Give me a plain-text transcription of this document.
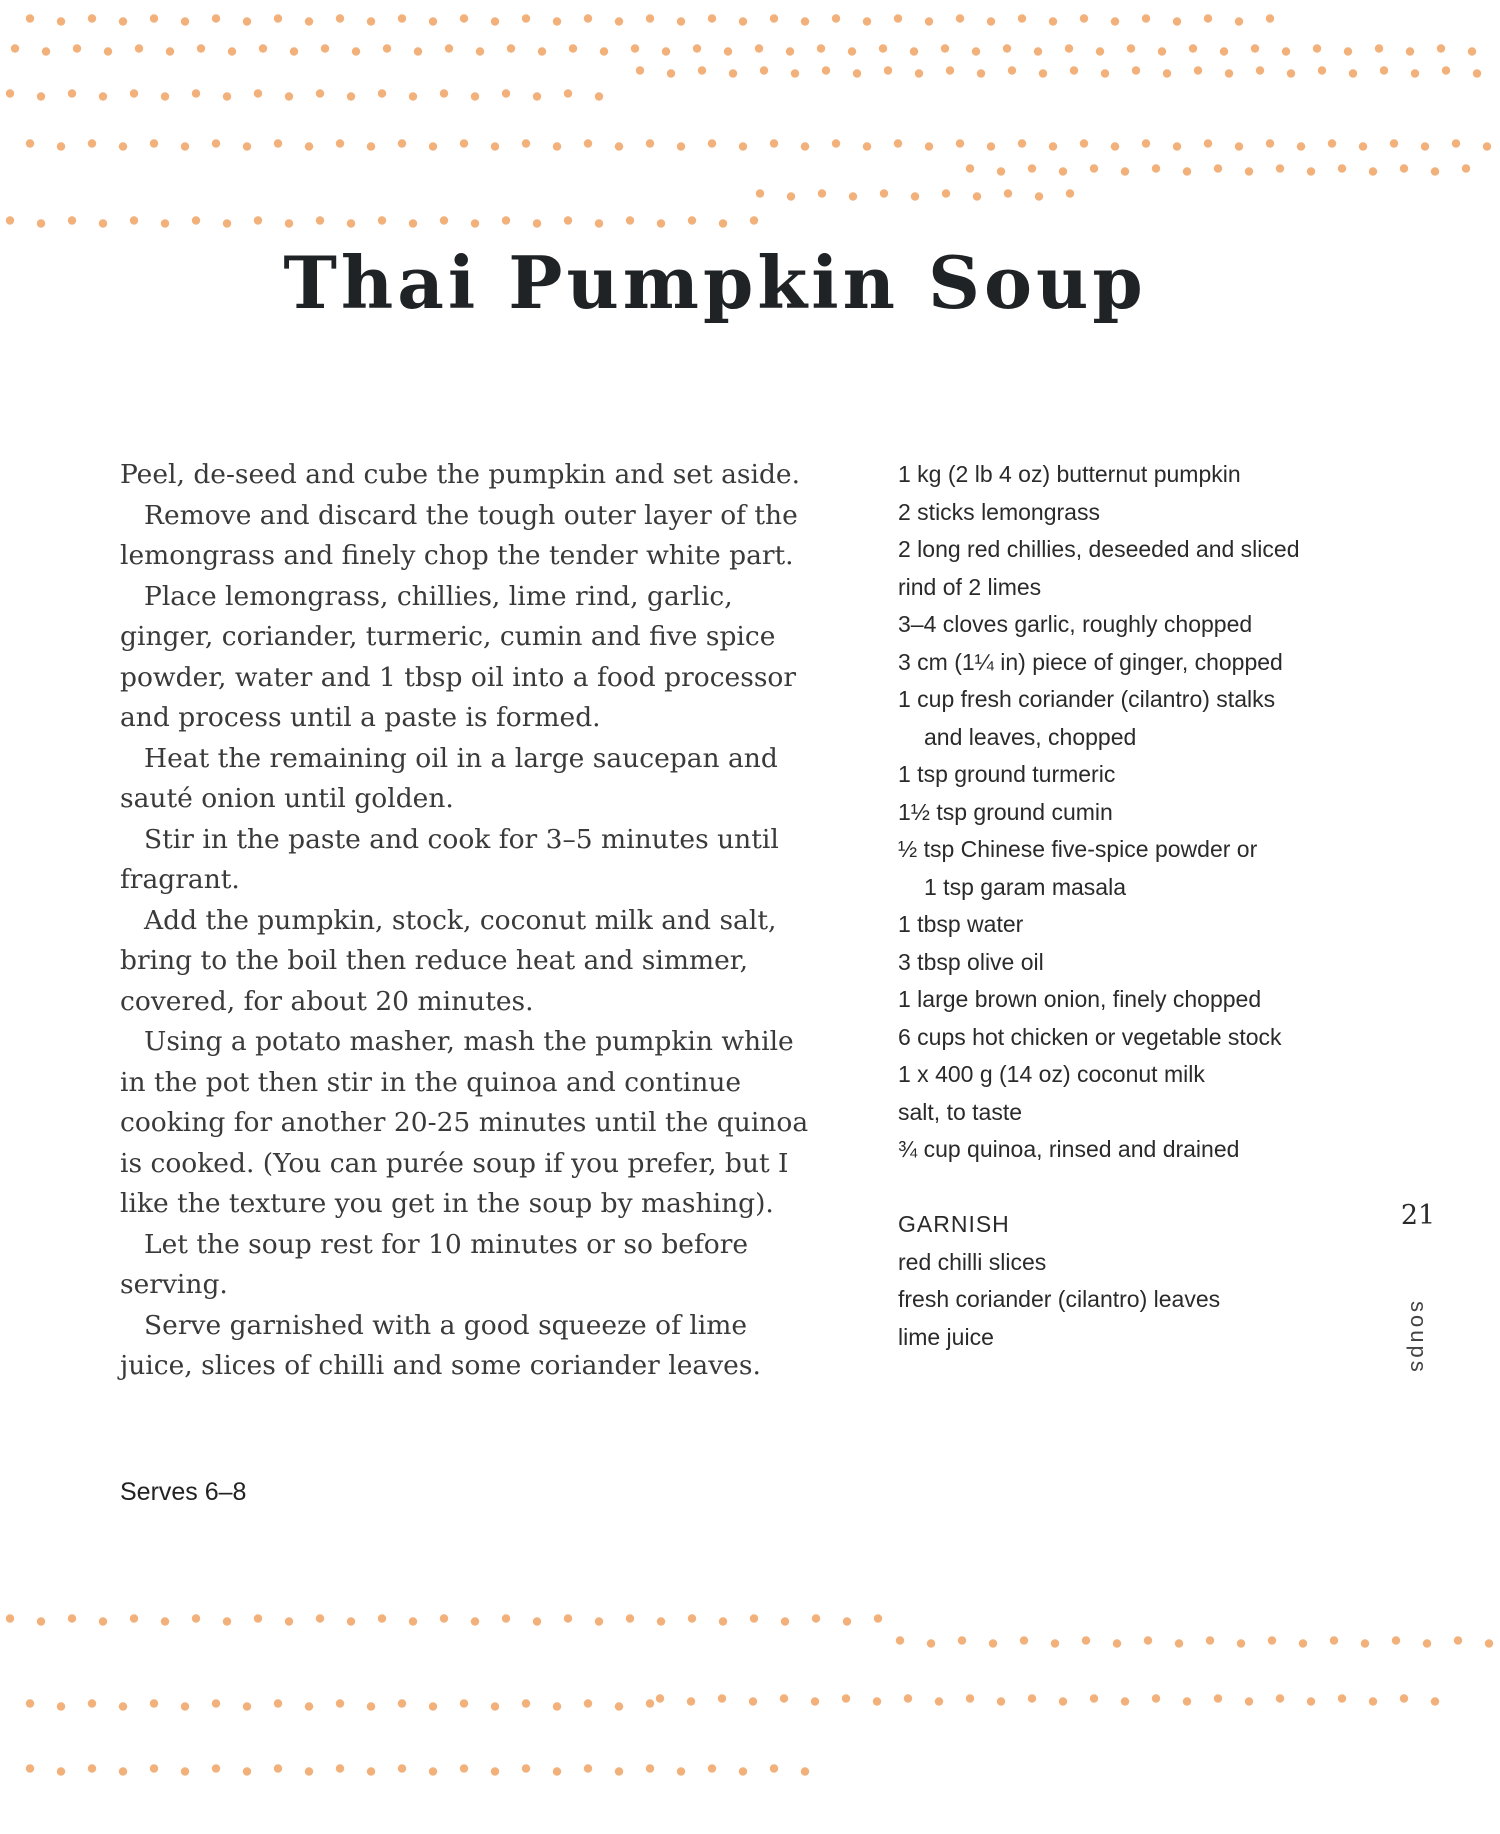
Thai Pumpkin Soup

Peel, de-seed and cube the pumpkin and set aside.

Remove and discard the tough outer layer of the lemongrass and finely chop the tender white part.

Place lemongrass, chillies, lime rind, garlic, ginger, coriander, turmeric, cumin and five spice powder, water and 1 tbsp oil into a food processor and process until a paste is formed.

Heat the remaining oil in a large saucepan and sauté onion until golden.

Stir in the paste and cook for 3–5 minutes until fragrant.

Add the pumpkin, stock, coconut milk and salt, bring to the boil then reduce heat and simmer, covered, for about 20 minutes.

Using a potato masher, mash the pumpkin while in the pot then stir in the quinoa and continue cooking for another 20-25 minutes until the quinoa is cooked. (You can purée soup if you prefer, but I like the texture you get in the soup by mashing).

Let the soup rest for 10 minutes or so before serving.

Serve garnished with a good squeeze of lime juice, slices of chilli and some coriander leaves.

Serves 6–8
1 kg (2 lb 4 oz) butternut pumpkin
2 sticks lemongrass
2 long red chillies, deseeded and sliced
rind of 2 limes
3–4 cloves garlic, roughly chopped
3 cm (1¼ in) piece of ginger, chopped
1 cup fresh coriander (cilantro) stalks
and leaves, chopped
1 tsp ground turmeric
1½ tsp ground cumin
½ tsp Chinese five-spice powder or
1 tsp garam masala
1 tbsp water
3 tbsp olive oil
1 large brown onion, finely chopped
6 cups hot chicken or vegetable stock
1 x 400 g (14 oz) coconut milk
salt, to taste
¾ cup quinoa, rinsed and drained
GARNISH
red chilli slices
fresh coriander (cilantro) leaves
lime juice
21
soups
